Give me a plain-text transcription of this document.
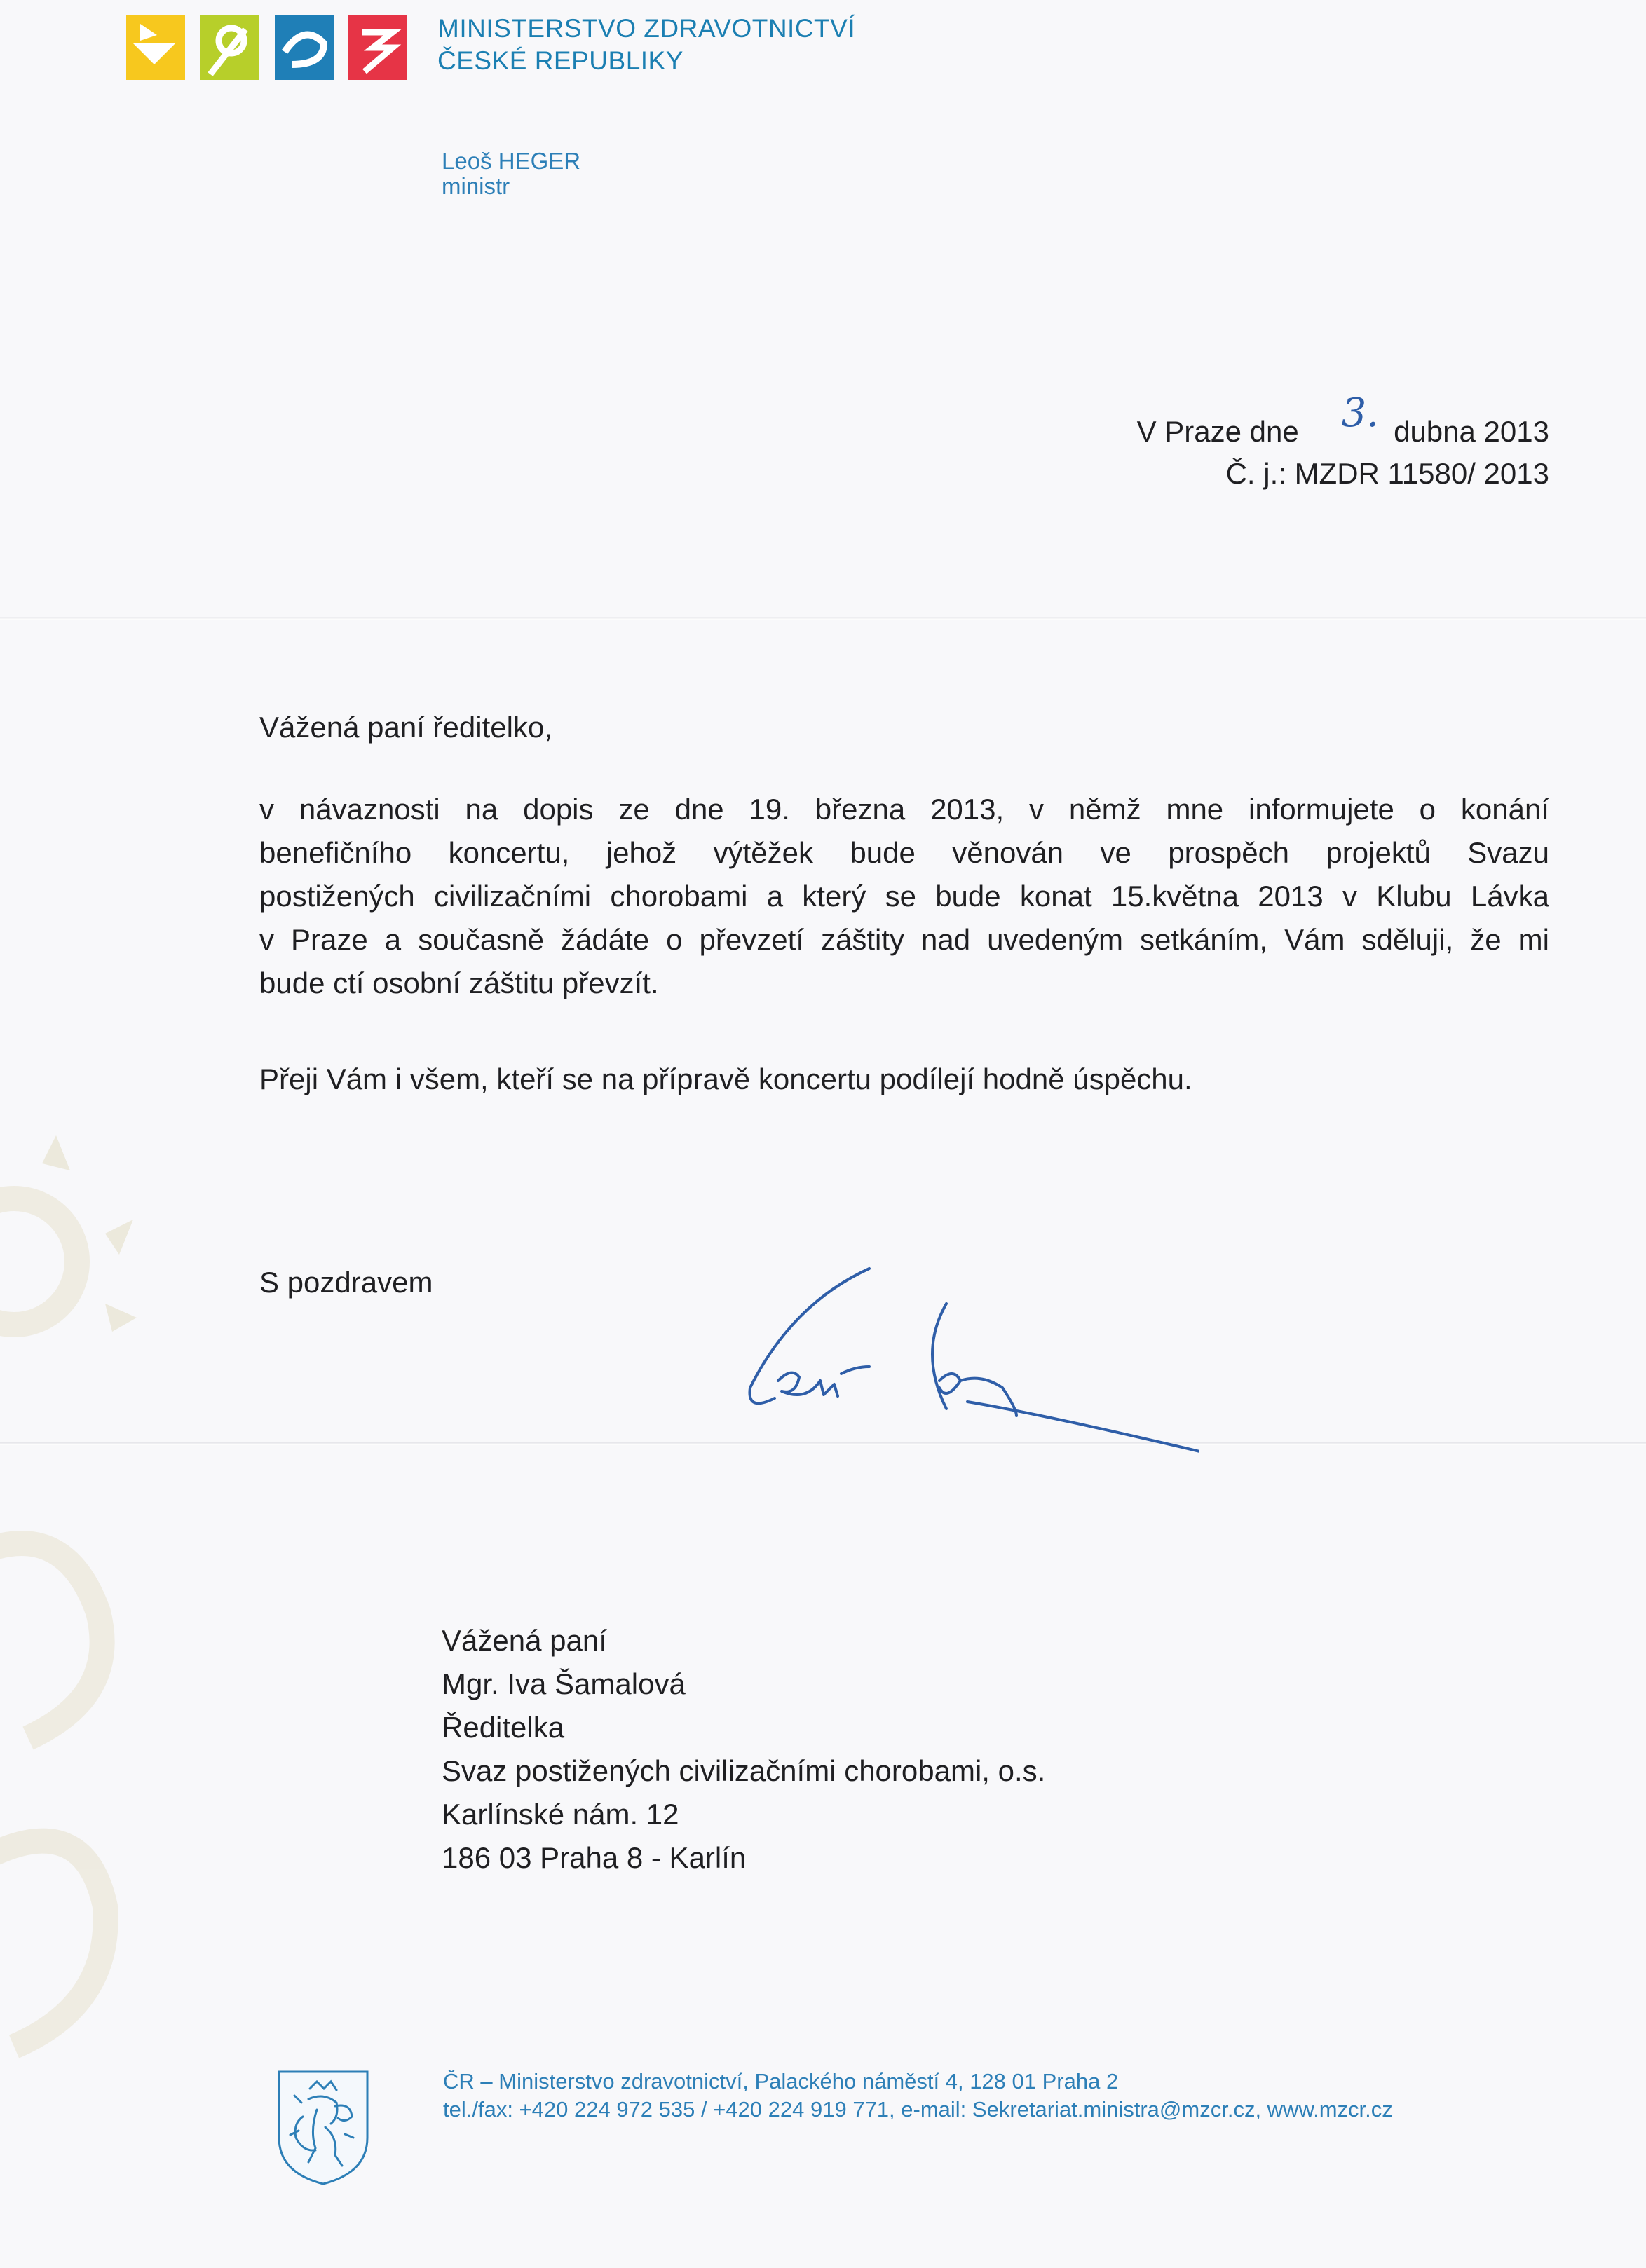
MINISTERSTVO ZDRAVOTNICTVÍ
ČESKÉ REPUBLIKY
Leoš HEGER
ministr
V Praze dne 3. dubna 2013
Č. j.: MZDR 11580/ 2013
Vážená paní ředitelko,
v návaznosti na dopis ze dne 19. března 2013, v němž mne informujete o konání
benefičního koncertu, jehož výtěžek bude věnován ve prospěch projektů Svazu
postižených civilizačními chorobami a který se bude konat 15.května 2013 v Klubu Lávka
v Praze a současně žádáte o převzetí záštity nad uvedeným setkáním, Vám sděluji, že mi
bude ctí osobní záštitu převzít.
Přeji Vám i všem, kteří se na přípravě koncertu podílejí hodně úspěchu.
S pozdravem
Vážená paní
Mgr. Iva Šamalová
Ředitelka
Svaz postižených civilizačními chorobami, o.s.
Karlínské nám. 12
186 03 Praha 8 - Karlín
ČR – Ministerstvo zdravotnictví, Palackého náměstí 4, 128 01 Praha 2
tel./fax: +420 224 972 535 / +420 224 919 771, e-mail: Sekretariat.ministra@mzcr.cz, www.mzcr.cz
